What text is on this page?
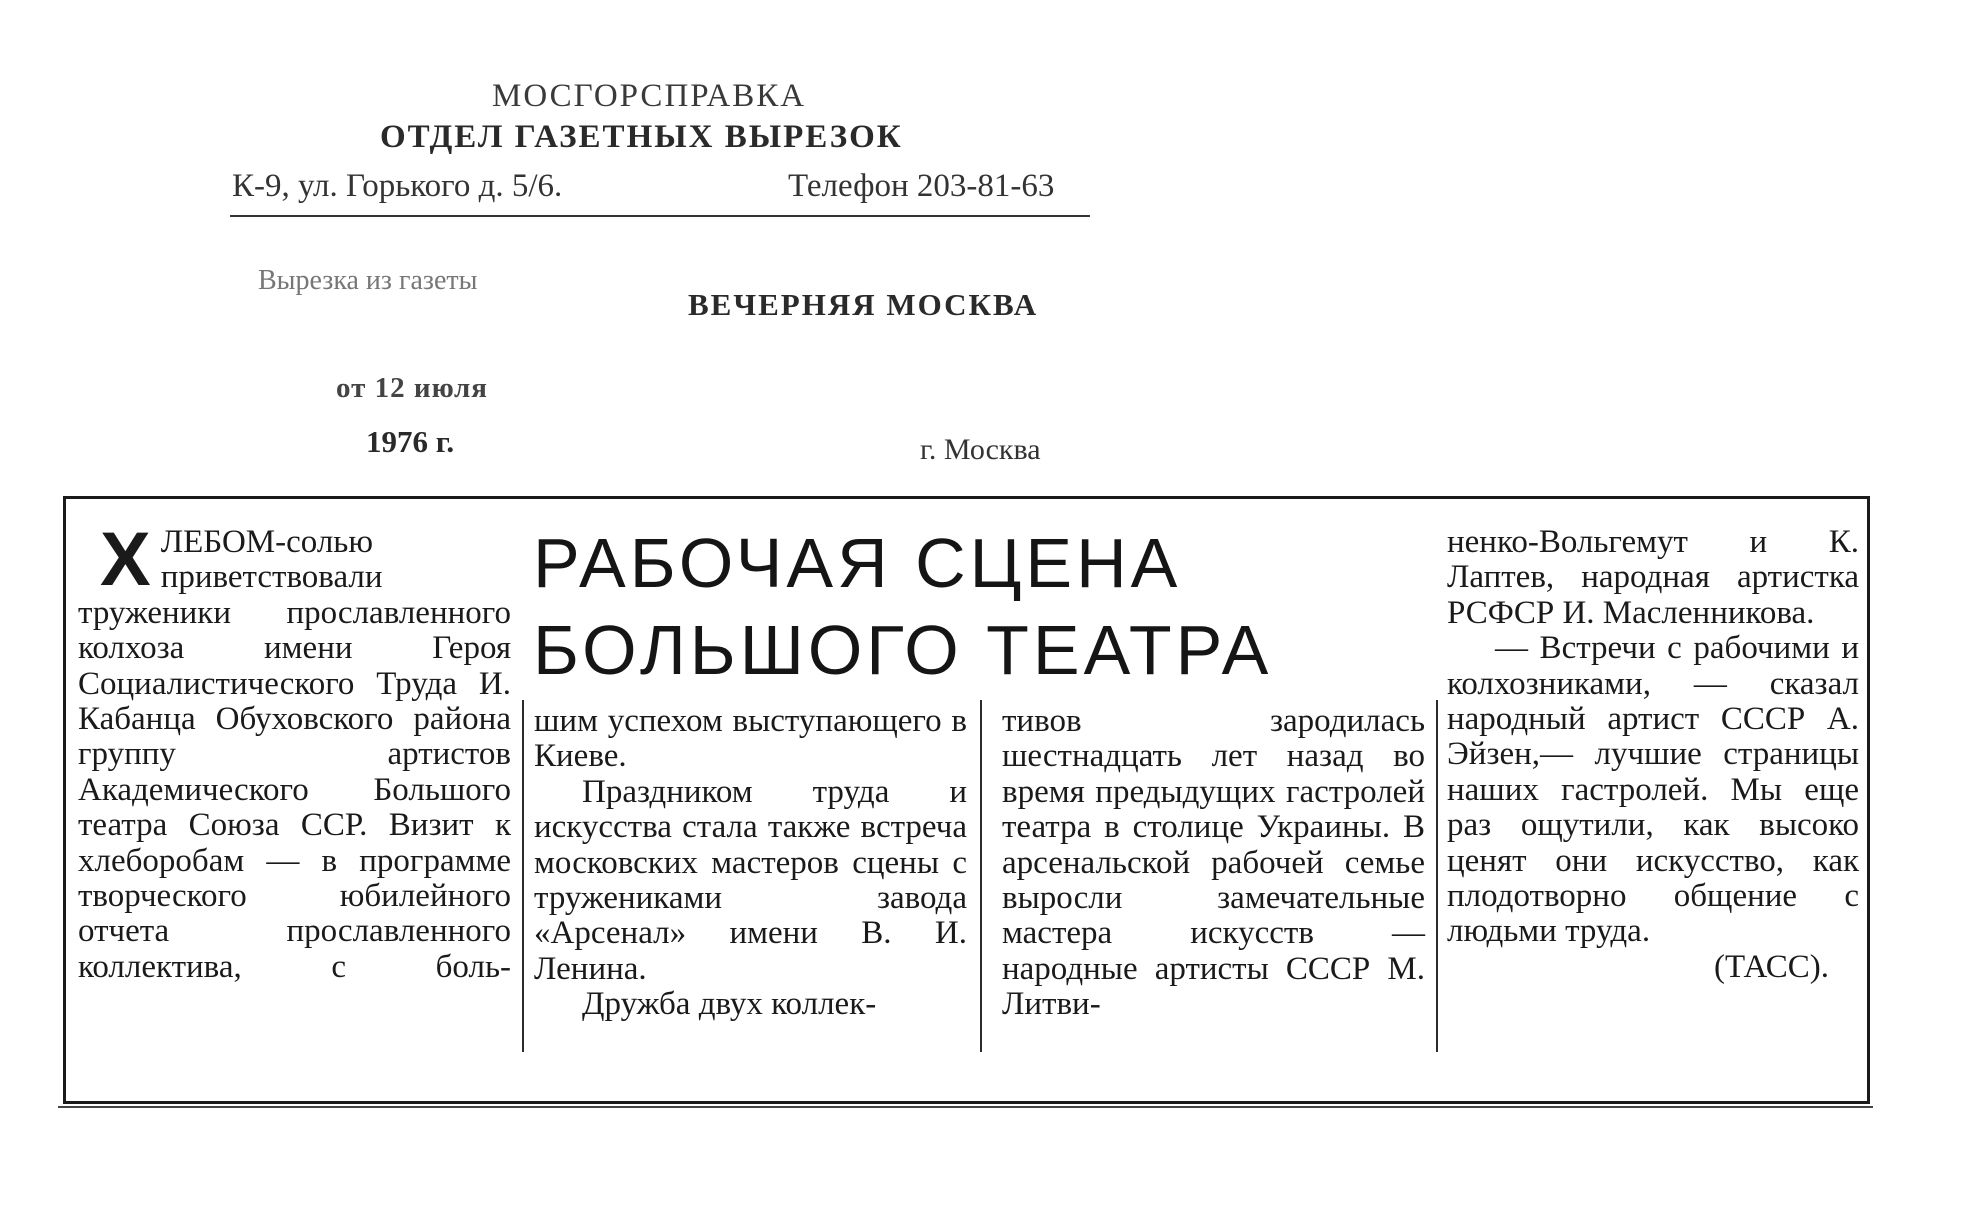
МОСГОРСПРАВКА
ОТДЕЛ ГАЗЕТНЫХ ВЫРЕЗОК
К-9, ул. Горького д. 5/6.	Телефон 203-81-63
Вырезка из газеты
ВЕЧЕРНЯЯ МОСКВА
от 12 июля
1976 г.	г. Москва
РАБОЧАЯ СЦЕНА
БОЛЬШОГО ТЕАТРА

ХЛЕБОМ-солью приветствовали труженики прославленного колхоза имени Героя Социалистического Труда И. Кабанца Обуховского района группу артистов Академического Большого театра Союза ССР. Визит к хлеборобам — в программе творческого юбилейного отчета прославленного коллектива, с боль-

шим успехом выступающего в Киеве.

Праздником труда и искусства стала также встреча московских мастеров сцены с тружениками завода «Арсенал» имени В. И. Ленина.

Дружба двух коллек-

тивов зародилась шестнадцать лет назад во время предыдущих гастролей театра в столице Украины. В арсенальской рабочей семье выросли замечательные мастера искусств — народные артисты СССР М. Литви-

ненко-Вольгемут и К. Лаптев, народная артистка РСФСР И. Масленникова.

— Встречи с рабочими и колхозниками, — сказал народный артист СССР А. Эйзен,— лучшие страницы наших гастролей. Мы еще раз ощутили, как высоко ценят они искусство, как плодотворно общение с людьми труда.

(ТАСС).
